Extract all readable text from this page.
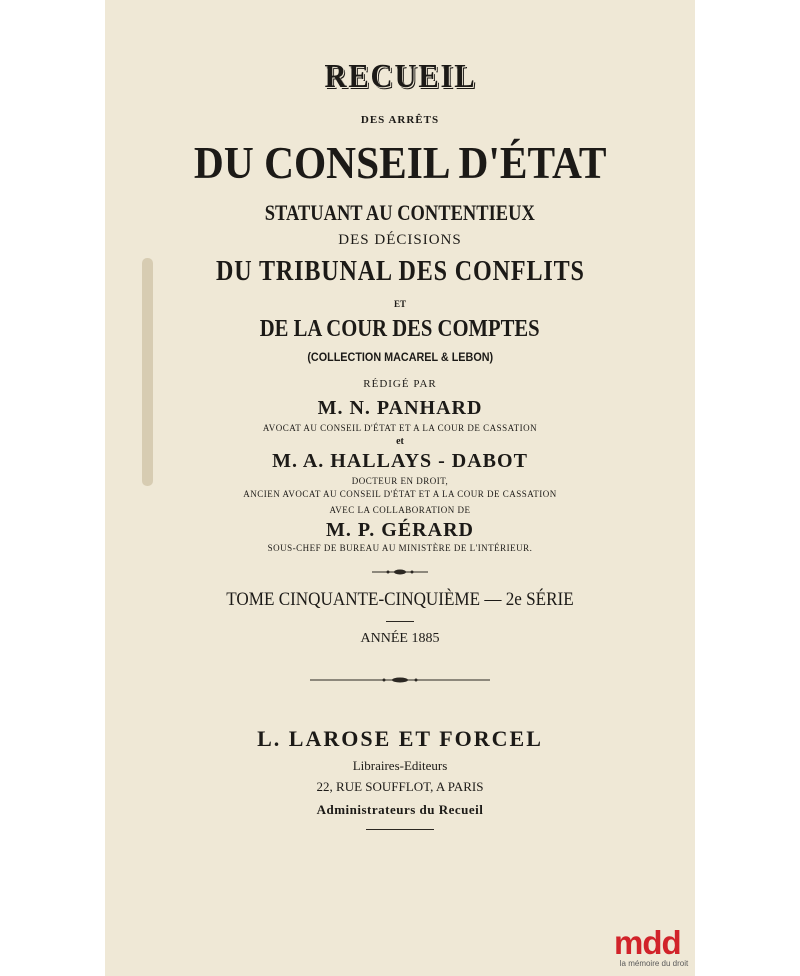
RECUEIL
DES ARRÊTS
DU CONSEIL D'ÉTAT
STATUANT AU CONTENTIEUX
DES DÉCISIONS
DU TRIBUNAL DES CONFLITS
ET
DE LA COUR DES COMPTES
(COLLECTION MACAREL & LEBON)
RÉDIGÉ PAR
M. N. PANHARD
AVOCAT AU CONSEIL D'ÉTAT ET A LA COUR DE CASSATION
et
M. A. HALLAYS - DABOT
DOCTEUR EN DROIT,
ANCIEN AVOCAT AU CONSEIL D'ÉTAT ET A LA COUR DE CASSATION
AVEC LA COLLABORATION DE
M. P. GÉRARD
SOUS-CHEF DE BUREAU AU MINISTÈRE DE L'INTÉRIEUR.
TOME CINQUANTE-CINQUIÈME — 2e SÉRIE
ANNÉE 1885
L. LAROSE ET FORCEL
Libraires-Editeurs
22, RUE SOUFFLOT, A PARIS
Administrateurs du Recueil
mdd
la mémoire du droit
